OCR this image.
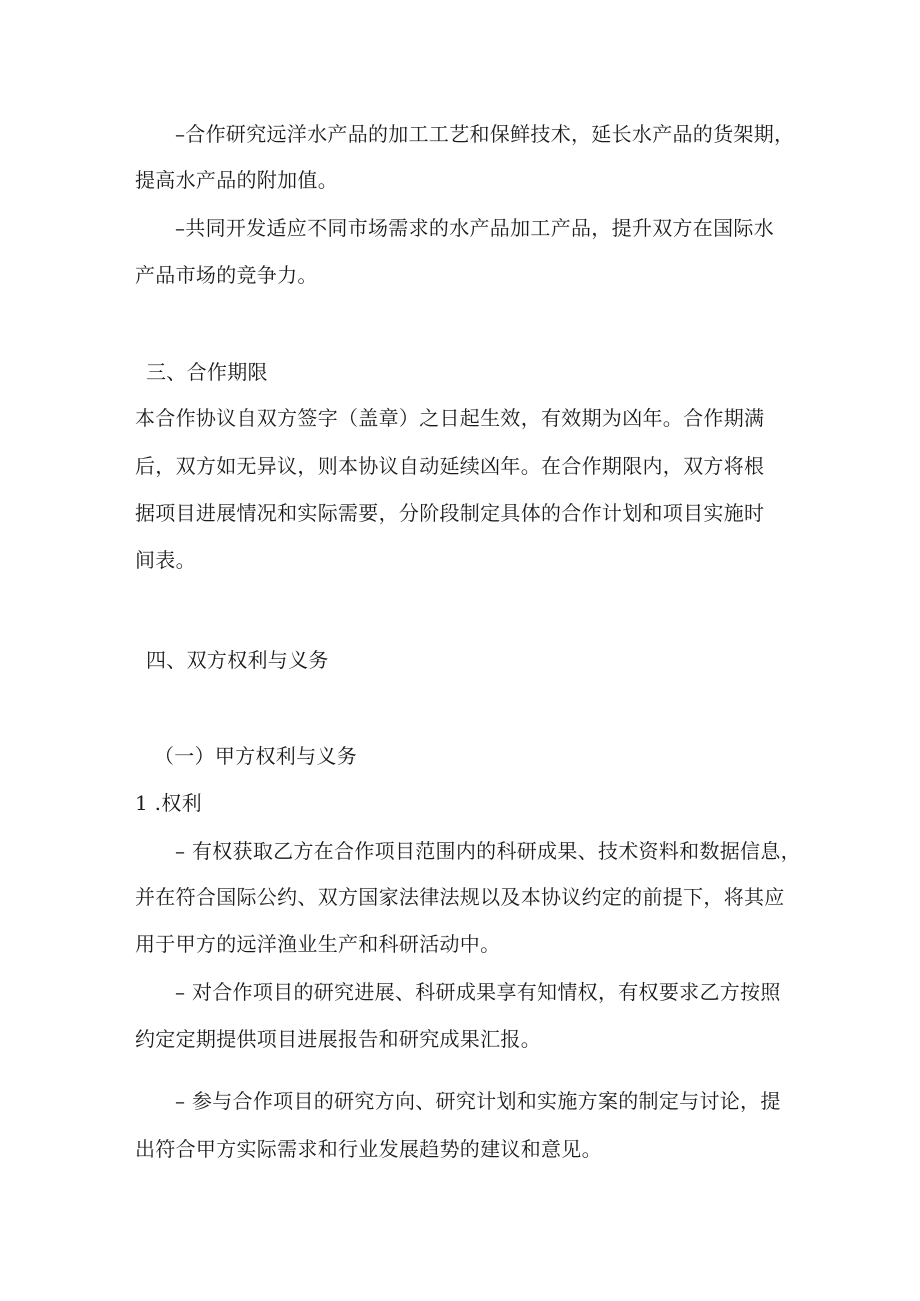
–合作研究远洋水产品的加工工艺和保鲜技术，延长水产品的货架期，
提高水产品的附加值。
–共同开发适应不同市场需求的水产品加工产品，提升双方在国际水
产品市场的竞争力。
三、合作期限
本合作协议自双方签字（盖章）之日起生效，有效期为凶年。合作期满
后，双方如无异议，则本协议自动延续凶年。在合作期限内，双方将根
据项目进展情况和实际需要，分阶段制定具体的合作计划和项目实施时
间表。
四、双方权利与义务
（一）甲方权利与义务
1 .权利
– 有权获取乙方在合作项目范围内的科研成果、技术资料和数据信息，
并在符合国际公约、双方国家法律法规以及本协议约定的前提下，将其应
用于甲方的远洋渔业生产和科研活动中。
– 对合作项目的研究进展、科研成果享有知情权，有权要求乙方按照
约定定期提供项目进展报告和研究成果汇报。
– 参与合作项目的研究方向、研究计划和实施方案的制定与讨论，提
出符合甲方实际需求和行业发展趋势的建议和意见。
